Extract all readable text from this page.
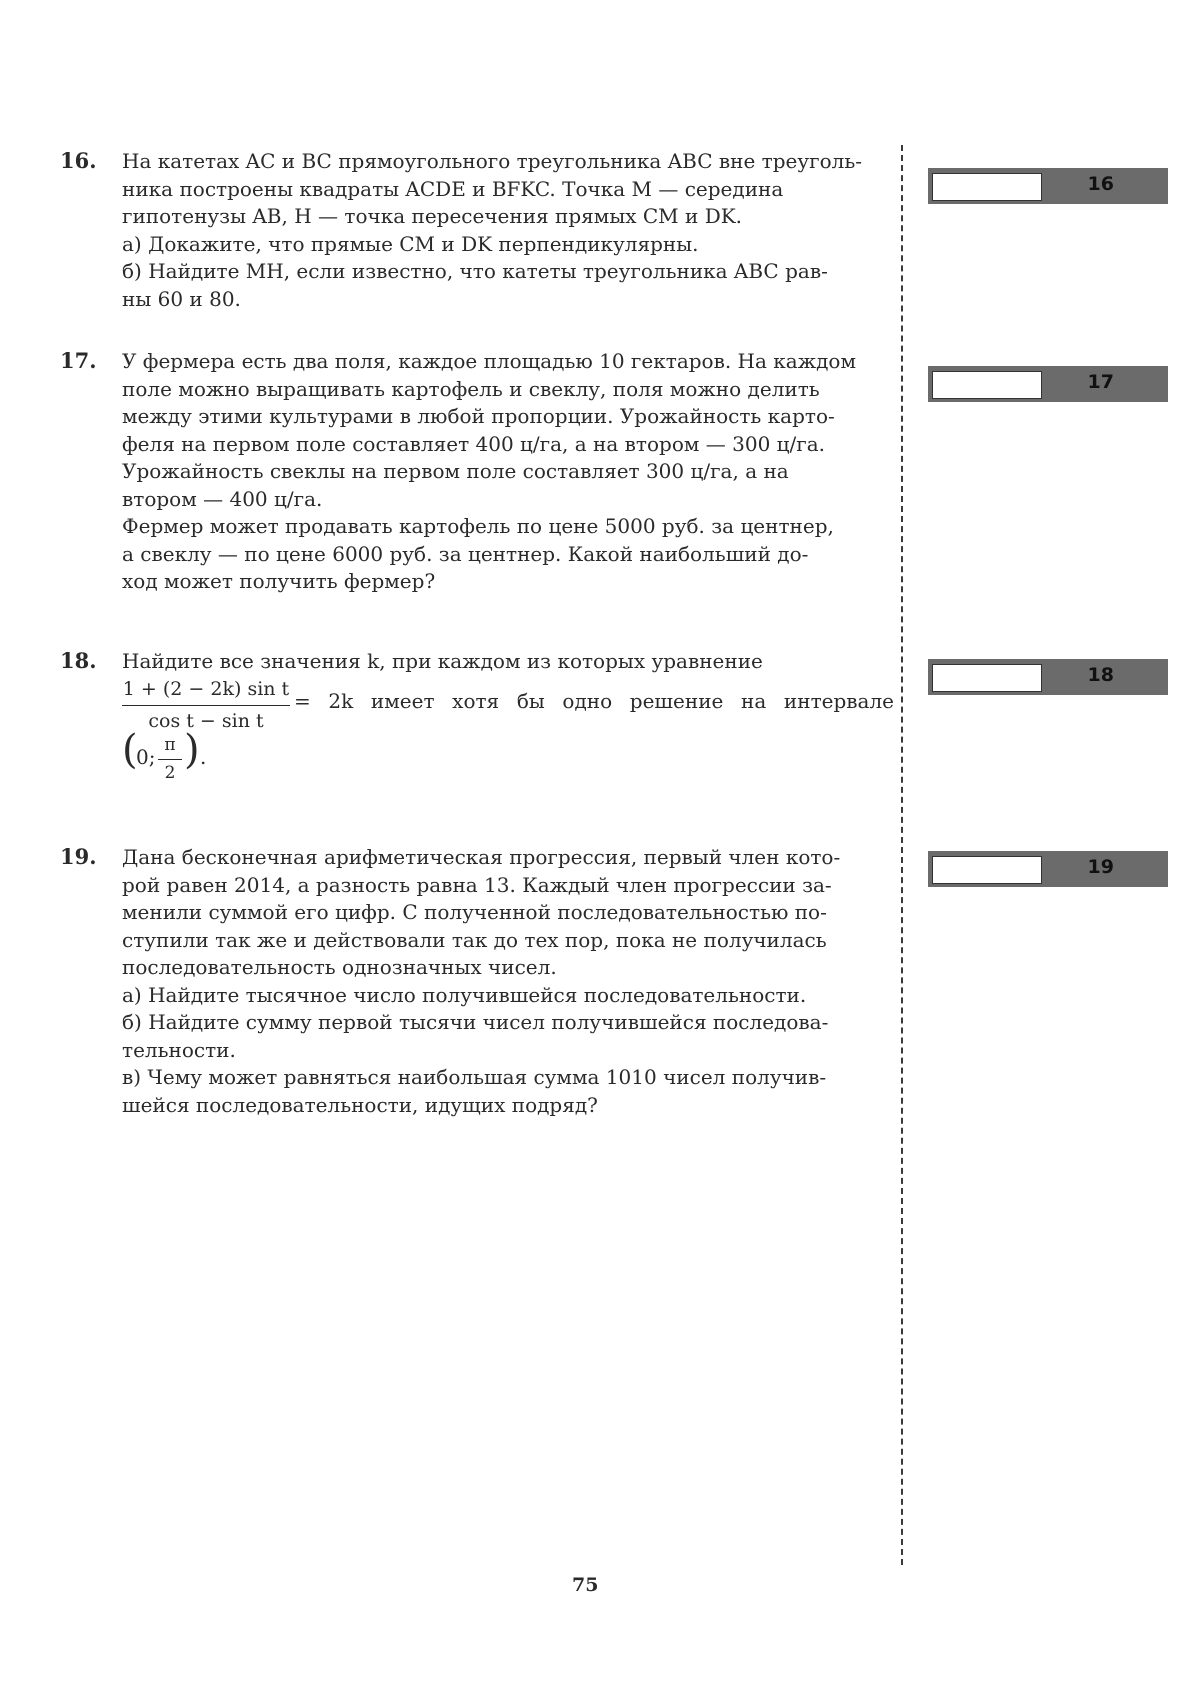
16. На катетах AC и BC прямоугольного треугольника ABC вне треуголь-

ника построены квадраты ACDE и BFKC. Точка M — середина

гипотенузы AB, H — точка пересечения прямых CM и DK.

а) Докажите, что прямые CM и DK перпендикулярны.

б) Найдите MH, если известно, что катеты треугольника ABC рав-

ны 60 и 80.

17. У фермера есть два поля, каждое площадью 10 гектаров. На каждом

поле можно выращивать картофель и свеклу, поля можно делить

между этими культурами в любой пропорции. Урожайность карто-

феля на первом поле составляет 400 ц/га, а на втором — 300 ц/га.

Урожайность свеклы на первом поле составляет 300 ц/га, а на

втором — 400 ц/га.

Фермер может продавать картофель по цене 5000 руб. за центнер,

а свеклу — по цене 6000 руб. за центнер. Какой наибольший до-

ход может получить фермер?

18. Найдите все значения k, при каждом из которых уравнение

$\frac{\text{1 + (2 − 2k) sin t}}{\text{cos t − sin t}} = 2k$ имеет хотя бы одно решение на интервале
(
0; $\frac{\pi}{2}$ ) .
19. Дана бесконечная арифметическая прогрессия, первый член кото-

рой равен 2014, а разность равна 13. Каждый член прогрессии за-

менили суммой его цифр. С полученной последовательностью по-

ступили так же и действовали так до тех пор, пока не получилась

последовательность однозначных чисел.

а) Найдите тысячное число получившейся последовательности.

б) Найдите сумму первой тысячи чисел получившейся последова-

тельности.

в) Чему может равняться наибольшая сумма 1010 чисел получив-

шейся последовательности, идущих подряд?

16
17
18
19
75
